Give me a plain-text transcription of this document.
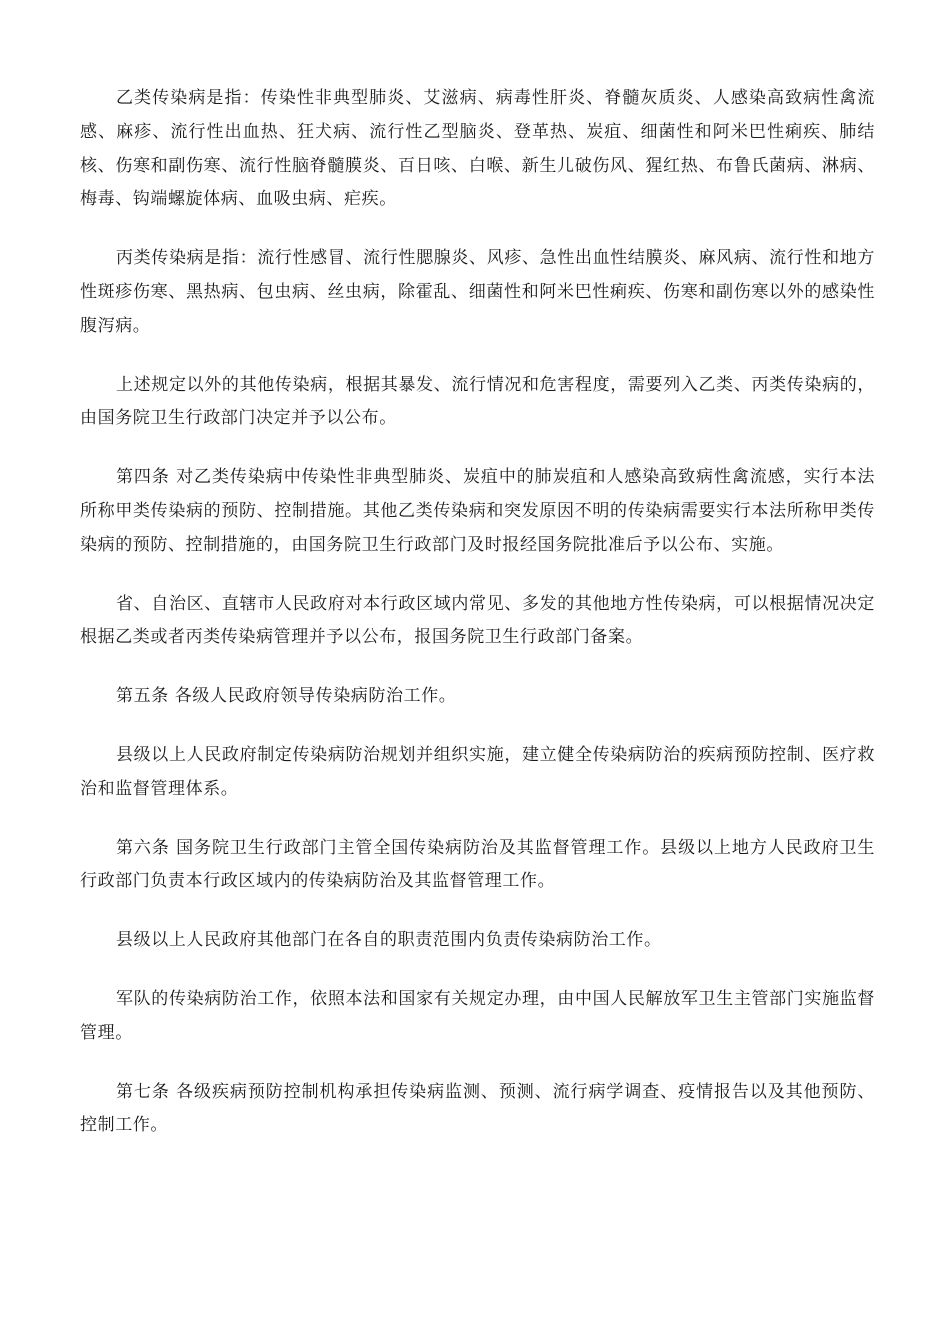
乙类传染病是指：传染性非典型肺炎、艾滋病、病毒性肝炎、脊髓灰质炎、人感染高致病性禽流感、麻疹、流行性出血热、狂犬病、流行性乙型脑炎、登革热、炭疽、细菌性和阿米巴性痢疾、肺结核、伤寒和副伤寒、流行性脑脊髓膜炎、百日咳、白喉、新生儿破伤风、猩红热、布鲁氏菌病、淋病、梅毒、钩端螺旋体病、血吸虫病、疟疾。

丙类传染病是指：流行性感冒、流行性腮腺炎、风疹、急性出血性结膜炎、麻风病、流行性和地方性斑疹伤寒、黑热病、包虫病、丝虫病，除霍乱、细菌性和阿米巴性痢疾、伤寒和副伤寒以外的感染性腹泻病。

上述规定以外的其他传染病，根据其暴发、流行情况和危害程度，需要列入乙类、丙类传染病的，由国务院卫生行政部门决定并予以公布。

第四条 对乙类传染病中传染性非典型肺炎、炭疽中的肺炭疽和人感染高致病性禽流感，实行本法所称甲类传染病的预防、控制措施。其他乙类传染病和突发原因不明的传染病需要实行本法所称甲类传染病的预防、控制措施的，由国务院卫生行政部门及时报经国务院批准后予以公布、实施。

省、自治区、直辖市人民政府对本行政区域内常见、多发的其他地方性传染病，可以根据情况决定根据乙类或者丙类传染病管理并予以公布，报国务院卫生行政部门备案。

第五条 各级人民政府领导传染病防治工作。

县级以上人民政府制定传染病防治规划并组织实施，建立健全传染病防治的疾病预防控制、医疗救治和监督管理体系。

第六条 国务院卫生行政部门主管全国传染病防治及其监督管理工作。县级以上地方人民政府卫生行政部门负责本行政区域内的传染病防治及其监督管理工作。

县级以上人民政府其他部门在各自的职责范围内负责传染病防治工作。

军队的传染病防治工作，依照本法和国家有关规定办理，由中国人民解放军卫生主管部门实施监督管理。

第七条 各级疾病预防控制机构承担传染病监测、预测、流行病学调查、疫情报告以及其他预防、控制工作。
